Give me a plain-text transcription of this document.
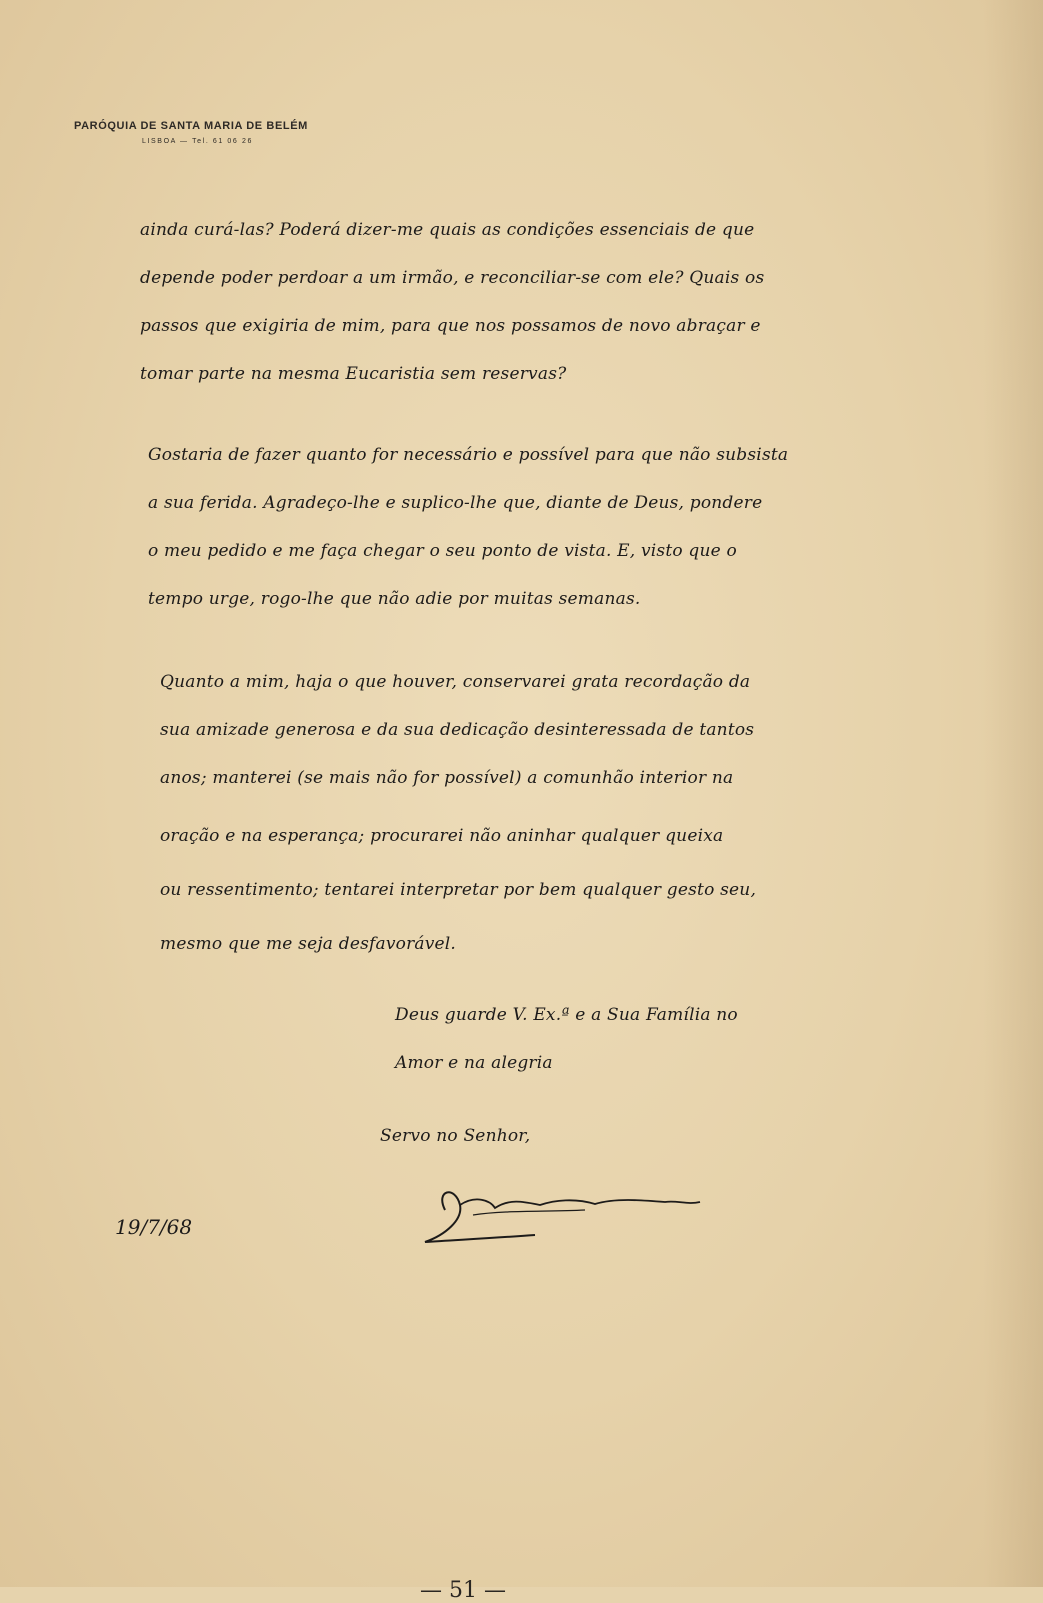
PARÓQUIA DE SANTA MARIA DE BELÉM
LISBOA — Tel. 61 06 26
ainda curá-las? Poderá dizer-me quais as condições essenciais de que
depende poder perdoar a um irmão, e reconciliar-se com ele? Quais os
passos que exigiria de mim, para que nos possamos de novo abraçar e
tomar parte na mesma Eucaristia sem reservas?
Gostaria de fazer quanto for necessário e possível para que não subsista
a sua ferida. Agradeço-lhe e suplico-lhe que, diante de Deus, pondere
o meu pedido e me faça chegar o seu ponto de vista. E, visto que o
tempo urge, rogo-lhe que não adie por muitas semanas.
Quanto a mim, haja o que houver, conservarei grata recordação da
sua amizade generosa e da sua dedicação desinteressada de tantos
anos; manterei (se mais não for possível) a comunhão interior na
oração e na esperança; procurarei não aninhar qualquer queixa
ou ressentimento; tentarei interpretar por bem qualquer gesto seu,
mesmo que me seja desfavorável.
Deus guarde V. Ex.ª e a Sua Família no
Amor e na alegria
Servo no Senhor,
19/7/68
— 51 —
